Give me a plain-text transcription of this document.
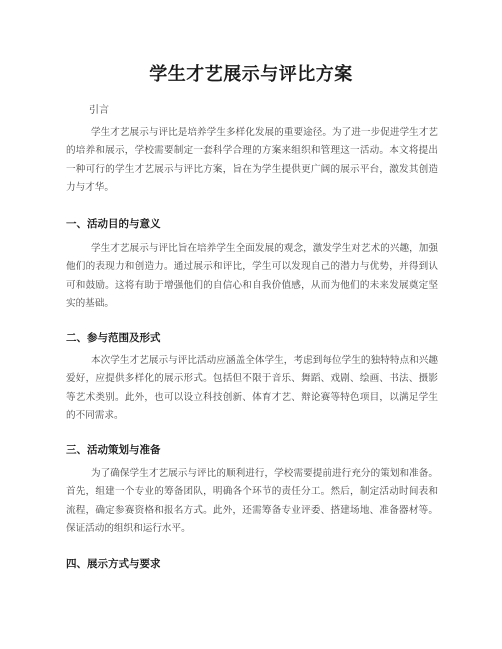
学生才艺展示与评比方案
引言

学生才艺展示与评比是培养学生多样化发展的重要途径。为了进一步促进学生才艺的培养和展示，学校需要制定一套科学合理的方案来组织和管理这一活动。本文将提出一种可行的学生才艺展示与评比方案，旨在为学生提供更广阔的展示平台，激发其创造力与才华。

一、活动目的与意义

学生才艺展示与评比旨在培养学生全面发展的观念，激发学生对艺术的兴趣，加强他们的表现力和创造力。通过展示和评比，学生可以发现自己的潜力与优势，并得到认可和鼓励。这将有助于增强他们的自信心和自我价值感，从而为他们的未来发展奠定坚实的基础。

二、参与范围及形式

本次学生才艺展示与评比活动应涵盖全体学生，考虑到每位学生的独特特点和兴趣爱好，应提供多样化的展示形式。包括但不限于音乐、舞蹈、戏剧、绘画、书法、摄影等艺术类别。此外，也可以设立科技创新、体育才艺、辩论赛等特色项目，以满足学生的不同需求。

三、活动策划与准备

为了确保学生才艺展示与评比的顺利进行，学校需要提前进行充分的策划和准备。首先，组建一个专业的筹备团队，明确各个环节的责任分工。然后，制定活动时间表和流程，确定参赛资格和报名方式。此外，还需筹备专业评委、搭建场地、准备器材等。保证活动的组织和运行水平。

四、展示方式与要求
